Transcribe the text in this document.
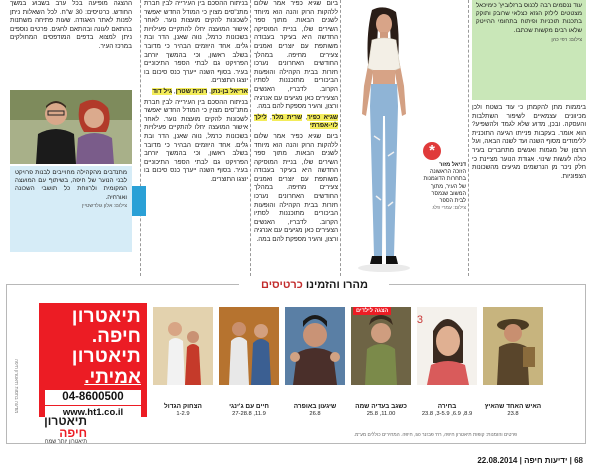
עוד ננסמים רבה לכנוס ברזלוביץ' כימיכאל מצטטים לילזק הגזא כצלאי שרובק ותוקק בתכנות תוכניות ופיתוח בתחומי ההייטק שלאו רבים מקשות שכתבו.
צילום: רפי כהן
ביממות מתן להקמתן כי עוד בשטח ולכן מכיוונים עצמאיים לשיפור השתלבות והעסקה. ובכן, מדוע שלא לגמד ולהשפיע? הוא אומר. בעקבות פנייתו הגיעה התוכנית ללימודים מסוף השנה ועד לשנה הבאה, ועל הרצון של מגמות ואנשים מתחברים בעיר כולה לעשות שינוי. אגודת הנוער מציינת כי חלק ניכר מן הנרשמים מגיעים מהשכונות הצפוניות.
*
דניאל מזור
הזוכה הראשונה בתחרות הדוגמנות של העיר, מתוך המשוב שנמסר לבית הספר
צילום: עמרי פלג

ביום שגיא כפיר אמר שלום ללהקות הרוק והנה הוא מיוחד לשנים הבאות. מתוך ספר השירים שלו, בניית המוסיקה החדשה היא בעיקר בעבודה משותפת עם יוצרים ואמנים צעירים מחיפה. במהלך החודשים האחרונים נערכו חזרות בבית הקהילה והופעות הביכורים מתוכננות לסתיו הקרוב. לדבריו, האנשים הצעירים כאן מגיעים עם אנרגיה ורצון, והעיר מספקת להם במה.

שגיא כפיר, שרית מלר, לילך לוי-אפרתי

ביום שגיא כפיר אמר שלום ללהקות הרוק והנה הוא מיוחד לשנים הבאות. מתוך ספר השירים שלו, בניית המוסיקה החדשה היא בעיקר בעבודה משותפת עם יוצרים ואמנים צעירים מחיפה. במהלך החודשים האחרונים נערכו חזרות בבית הקהילה והופעות הביכורים מתוכננות לסתיו הקרוב. לדבריו, האנשים הצעירים כאן מגיעים עם אנרגיה ורצון, והעיר מספקת להם במה.

בניתוח ההסכם בין העירייה לבין חברת מתנ"סים מצוין כי המודל החדש יאפשר לשכונות להקים מועצות נוער. לאחר אישור המועצה יחלו להתקיים פעילויות בשכונות כרמל, נווה שאנן, הדר ובת גלים. אחד היוזמים הבהיר כי מדובר בשלב ראשון, וכי בהמשך יורחב הפרויקט גם לבתי הספר התיכוניים בעיר. בסוף השנה ייערך כנס סיכום בו יוצגו התוצרים.

אריאל בן-נתן, רונית שטרן, גיל דוד

בניתוח ההסכם בין העירייה לבין חברת מתנ"סים מצוין כי המודל החדש יאפשר לשכונות להקים מועצות נוער. לאחר אישור המועצה יחלו להתקיים פעילויות בשכונות כרמל, נווה שאנן, הדר ובת גלים. אחד היוזמים הבהיר כי מדובר בשלב ראשון, וכי בהמשך יורחב הפרויקט גם לבתי הספר התיכוניים בעיר. בסוף השנה ייערך כנס סיכום בו יוצגו התוצרים.

ההצגה מופיעה בכל ערב בשבוע במשך החודש. כרטיסים: 30 ש"ח. לכל השאלות ניתן לפנות לאתר האגודה. שעות פתיחה משתנות בהתאם לעונה ובהתאם לחגים. פרטים נוספים ניתן למצוא בדפים המודפסים המחולקים במרכז העיר.
מתנדבים מהקהילה מחוייבים לבנות פרויקט לבני הנוער של חיפה, בשיתוף עם המועצה המקומית ולרווחת כל תושבי השכונה ואורחיה.
צילום: אלון גולדשטיין
מהרו והזמינו כרטיסים
מודעה בחסות תיאטרון חיפה
תיאטרון
חיפה.
תיאטרון
אמיתי.
04-8600500
www.ht1.co.il
תיאטרון
חיפה
תיאטרון יותר שמח
הצחוק הגדול
1-2.9
חיים עם ג'ינגי
11.9, 27-28.8
שיגעון באופרה
26.8
הצגה לילדים
כשגב בעדיה שמה
11.00, 25.8
3
בחירה
8.9, 6.9, 3-5.9, 23.8
האיש האחד שהאיץ
23.8
פרטים והזמנות: קופות תיאטרון חיפה, רח' פבזנר 50, חיפה. המחירים כוללים מע"מ.
68 | ידיעות חיפה | 22.08.2014
